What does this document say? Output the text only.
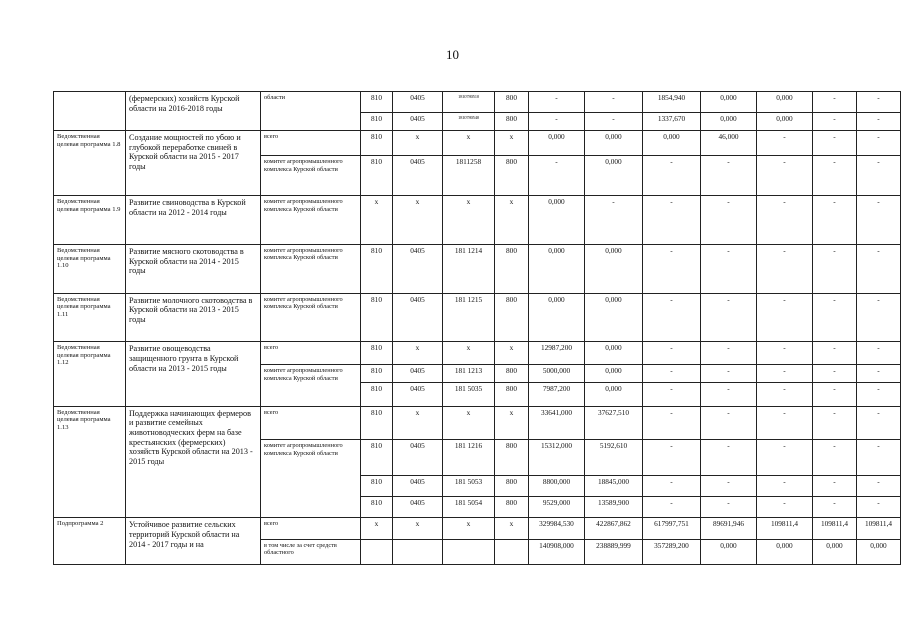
10
	(фермерских) хозяйств Курской области на 2016-2018 годы	области	810	0405	1810780510	800	-	-	1854,940	0,000	0,000	-	-
			810	0405	1810780540	800	-	-	1337,670	0,000	0,000	-	-
Ведомственная целевая программа 1.8	Создание мощностей по убою и глубокой переработке свиней в Курской области на 2015 - 2017 годы	всего	810	x	x	x	0,000	0,000	0,000	46,000	-	-	-
		комитет агропромышленного комплекса Курской области	810	0405	1811258	800	-	0,000	-	-	-	-	-
Ведомственная целевая программа 1.9	Развитие свиноводства в Курской области на 2012 - 2014 годы	комитет агропромышленного комплекса Курской области	x	x	x	x	0,000	-	-	-	-	-	-
Ведомственная целевая программа 1.10	Развитие мясного скотоводства в Курской области на 2014 - 2015 годы	комитет агропромышленного комплекса Курской области	810	0405	181 1214	800	0,000	0,000	-	-	-	-	-
Ведомственная целевая программа 1.11	Развитие молочного скотоводства в Курской области на 2013 - 2015 годы	комитет агропромышленного комплекса Курской области	810	0405	181 1215	800	0,000	0,000	-	-	-	-	-
Ведомственная целевая программа 1.12	Развитие овощеводства защищенного грунта в Курской области на 2013 - 2015 годы	всего	810	x	x	x	12987,200	0,000	-	-	-	-	-
		комитет агропромышленного комплекса Курской области	810	0405	181 1213	800	5000,000	0,000	-	-	-	-	-
			810	0405	181 5035	800	7987,200	0,000	-	-	-	-	-
Ведомственная целевая программа 1.13	Поддержка начинающих фермеров и развитие семейных животноводческих ферм на базе крестьянских (фермерских) хозяйств Курской области на 2013 - 2015 годы	всего	810	x	x	x	33641,000	37627,510	-	-	-	-	-
		комитет агропромышленного комплекса Курской области	810	0405	181 1216	800	15312,000	5192,610	-	-	-	-	-
			810	0405	181 5053	800	8800,000	18845,000	-	-	-	-	-
			810	0405	181 5054	800	9529,000	13589,900	-	-	-	-	-
Подпрограмма 2	Устойчивое развитие сельских территорий Курской области на 2014 - 2017 годы и на	всего	x	x	x	x	329984,530	422867,862	617997,751	89691,946	109811,4	109811,4	109811,4
		в том числе за счет средств областного					140908,000	238889,999	357289,200	0,000	0,000	0,000	0,000
